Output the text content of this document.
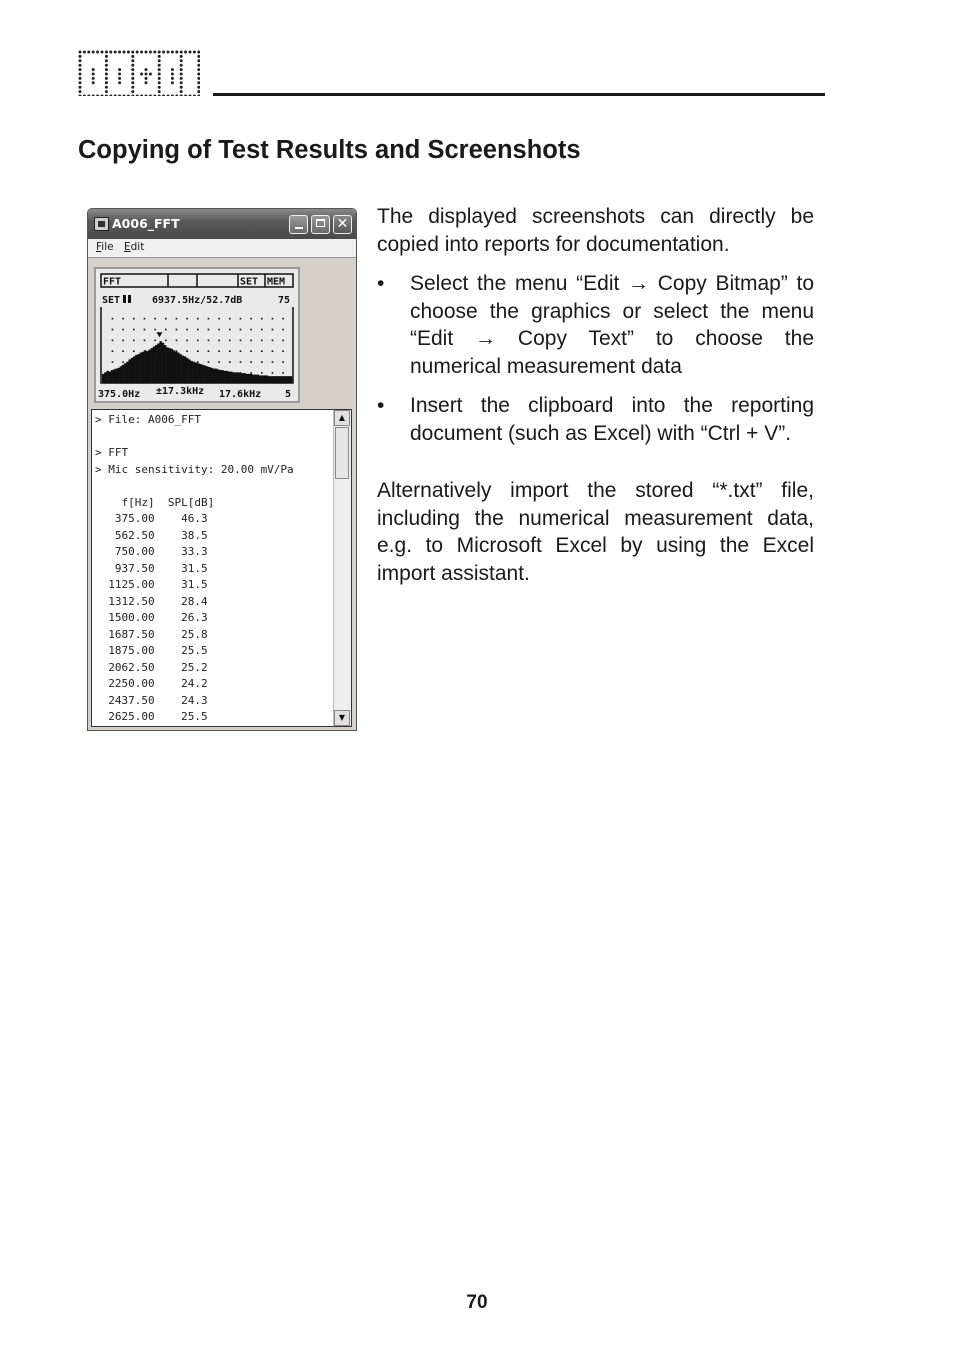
Copying of Test Results and Screenshots
A006_FFT	✕
File Edit
FFT	SET MEM
SET	6937.5Hz/52.7dB	75
375.0Hz ±17.3kHz 17.6kHz 5
> File: A006_FFT

> FFT
> Mic sensitivity: 20.00 mV/Pa

f[Hz]  SPL[dB]
375.00    46.3
562.50    38.5
750.00    33.3
937.50    31.5
1125.00    31.5
1312.50    28.4
1500.00    26.3
1687.50    25.8
1875.00    25.5
2062.50    25.2
2250.00    24.2
2437.50    24.3
2625.00    25.5
▲
▼

The displayed screenshots can directly be copied into reports for documentation.

• Select the menu “Edit → Copy Bitmap” to choose the graphics or select the menu “Edit → Copy Text” to choose the numerical measurement data
• Insert the clipboard into the reporting document (such as Excel) with “Ctrl + V”.

Alternatively import the stored “*.txt” file, including the numerical measurement data, e.g. to Microsoft Excel by using the Excel import assistant.

70
